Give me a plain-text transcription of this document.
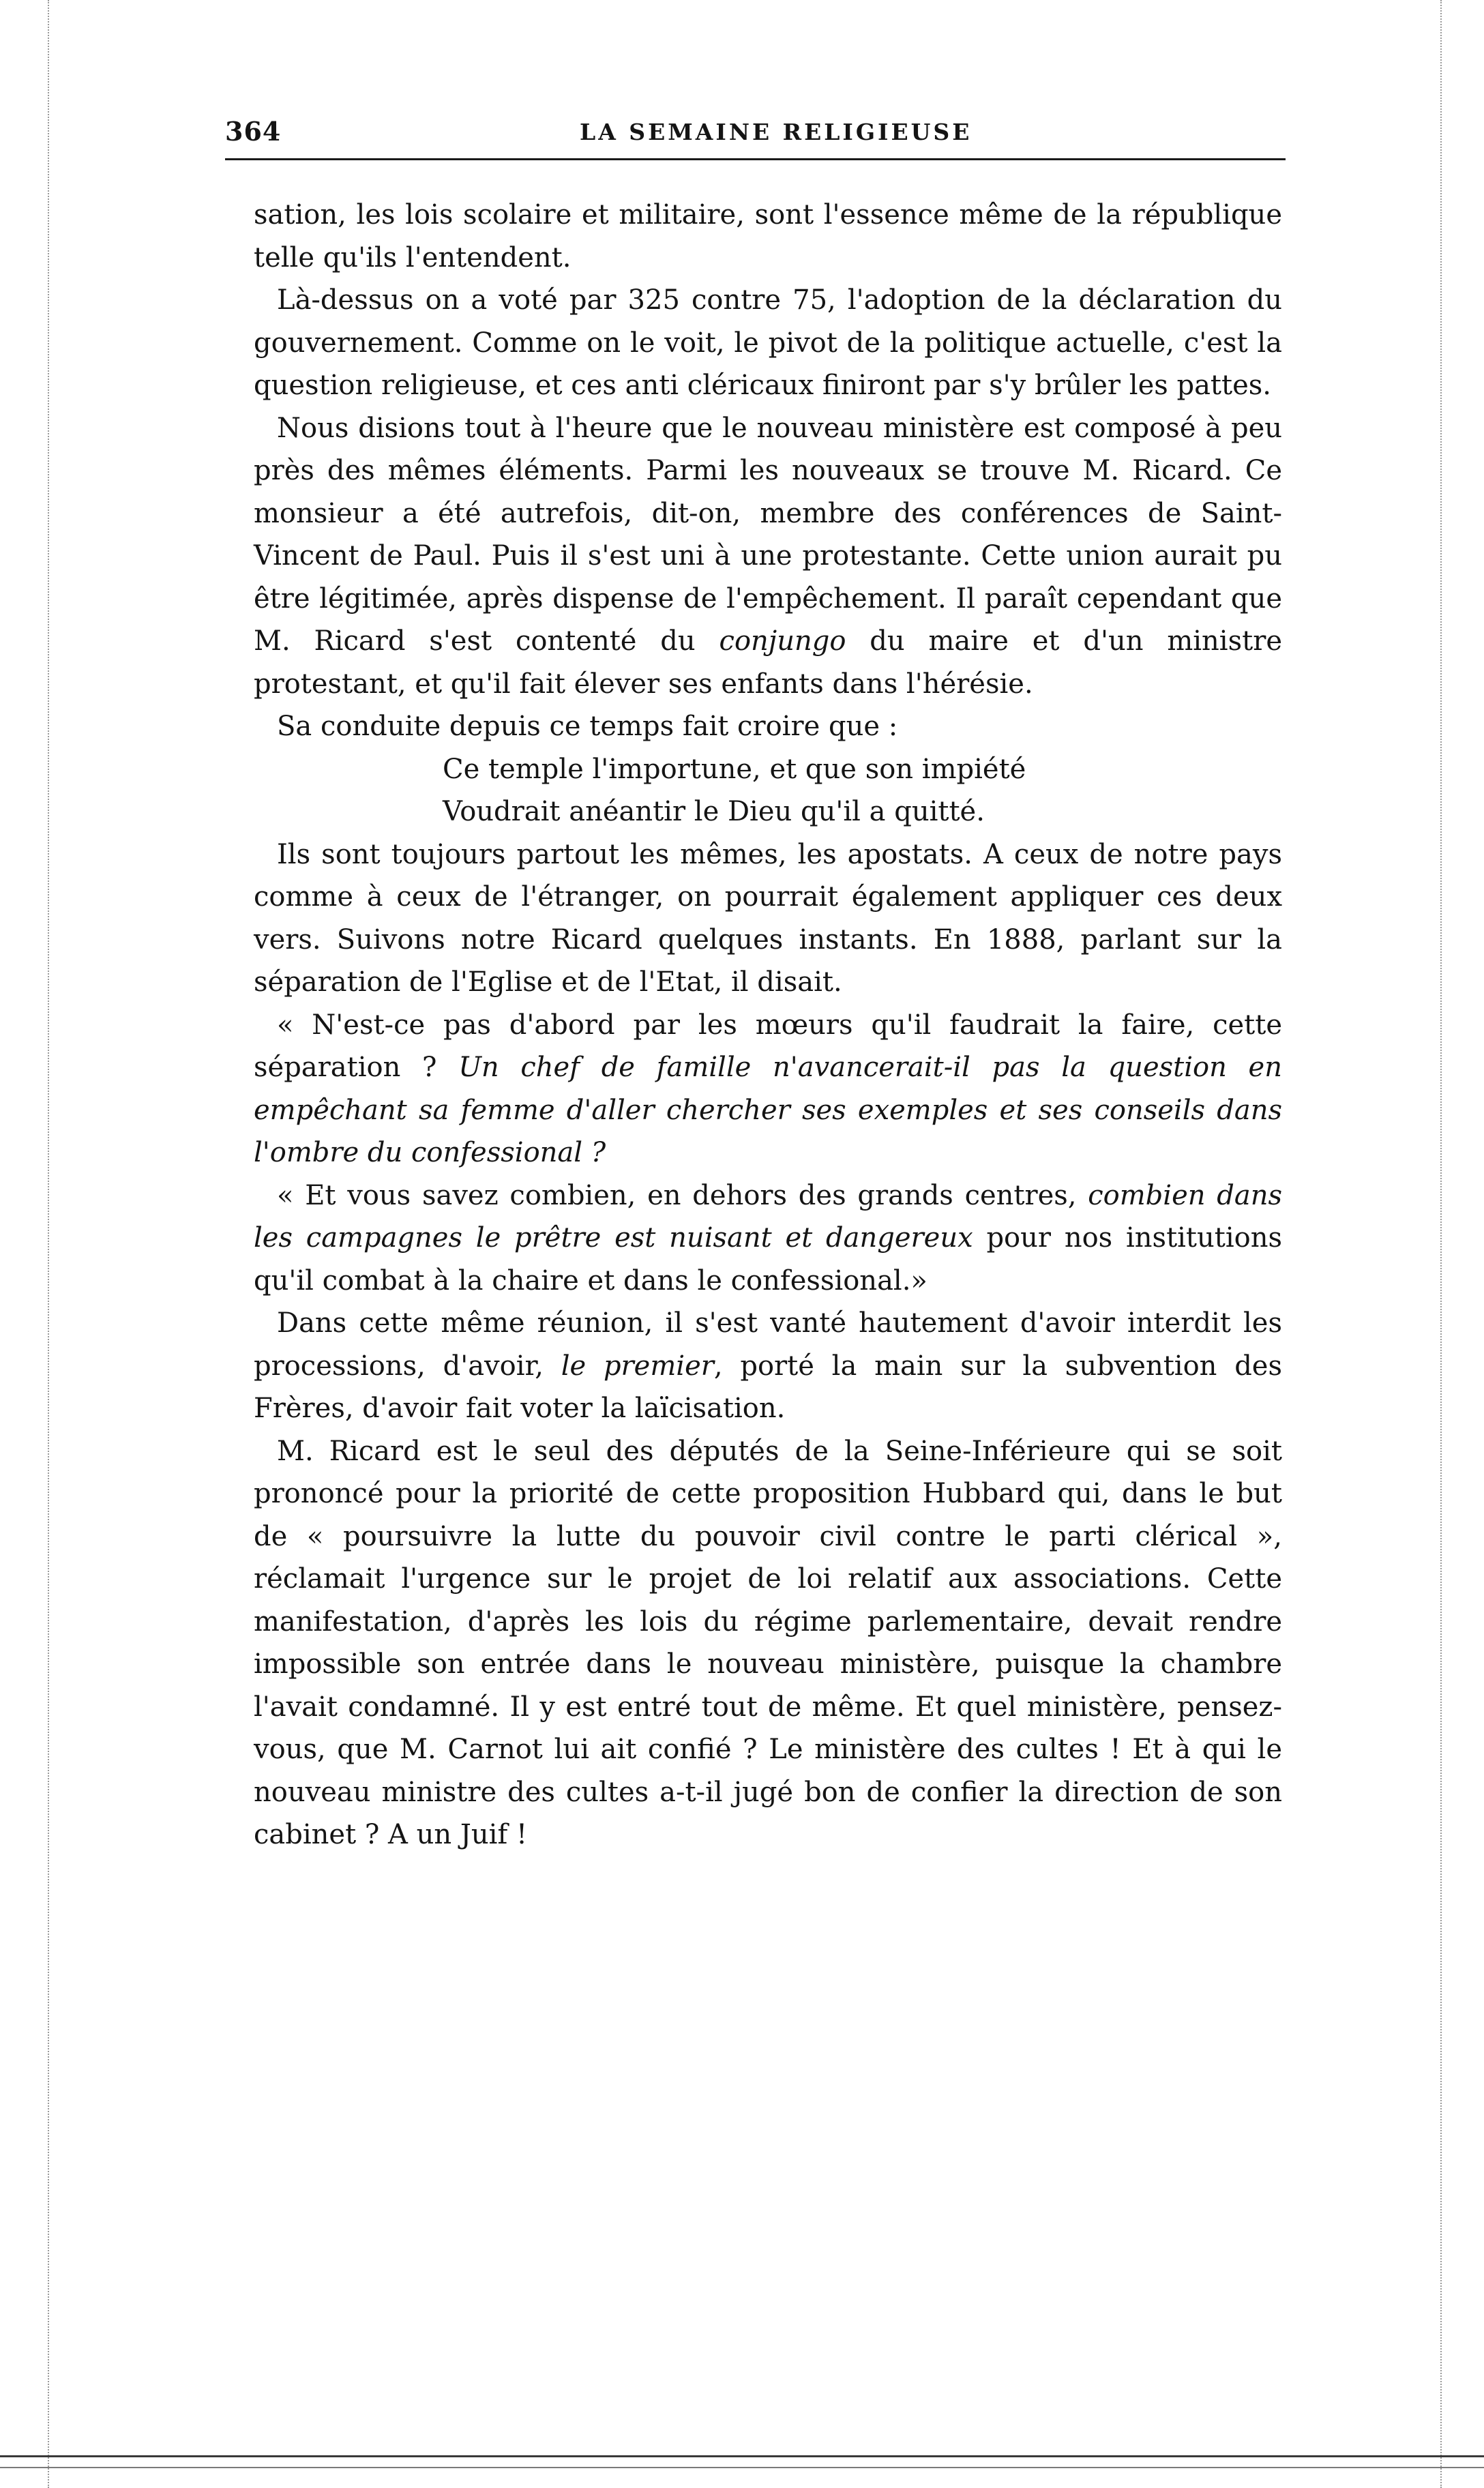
364	LA SEMAINE RELIGIEUSE

sation, les lois scolaire et militaire, sont l'essence même de la république telle qu'ils l'entendent.

Là-dessus on a voté par 325 contre 75, l'adoption de la déclaration du gouvernement. Comme on le voit, le pivot de la politique actuelle, c'est la question religieuse, et ces anti cléricaux finiront par s'y brûler les pattes.

Nous disions tout à l'heure que le nouveau ministère est composé à peu près des mêmes éléments. Parmi les nouveaux se trouve M. Ricard. Ce monsieur a été autrefois, dit-on, membre des conférences de Saint-Vincent de Paul. Puis il s'est uni à une protestante. Cette union aurait pu être légitimée, après dispense de l'empêchement. Il paraît cependant que M. Ricard s'est contenté du conjungo du maire et d'un ministre protestant, et qu'il fait élever ses enfants dans l'hérésie.

Sa conduite depuis ce temps fait croire que :

Ce temple l'importune, et que son impiété

Voudrait anéantir le Dieu qu'il a quitté.

Ils sont toujours partout les mêmes, les apostats. A ceux de notre pays comme à ceux de l'étranger, on pourrait également appliquer ces deux vers. Suivons notre Ricard quelques instants. En 1888, parlant sur la séparation de l'Eglise et de l'Etat, il disait.

« N'est-ce pas d'abord par les mœurs qu'il faudrait la faire, cette séparation ? Un chef de famille n'avancerait-il pas la question en empêchant sa femme d'aller chercher ses exemples et ses conseils dans l'ombre du confessional ?

« Et vous savez combien, en dehors des grands centres, combien dans les campagnes le prêtre est nuisant et dangereux pour nos institutions qu'il combat à la chaire et dans le confessional.»

Dans cette même réunion, il s'est vanté hautement d'avoir interdit les processions, d'avoir, le premier, porté la main sur la subvention des Frères, d'avoir fait voter la laïcisation.

M. Ricard est le seul des députés de la Seine-Inférieure qui se soit prononcé pour la priorité de cette proposition Hubbard qui, dans le but de « poursuivre la lutte du pouvoir civil contre le parti clérical », réclamait l'urgence sur le projet de loi relatif aux associations. Cette manifestation, d'après les lois du régime parlementaire, devait rendre impossible son entrée dans le nouveau ministère, puisque la chambre l'avait condamné. Il y est entré tout de même. Et quel ministère, pensez-vous, que M. Carnot lui ait confié ? Le ministère des cultes ! Et à qui le nouveau ministre des cultes a-t-il jugé bon de confier la direction de son cabinet ? A un Juif !
